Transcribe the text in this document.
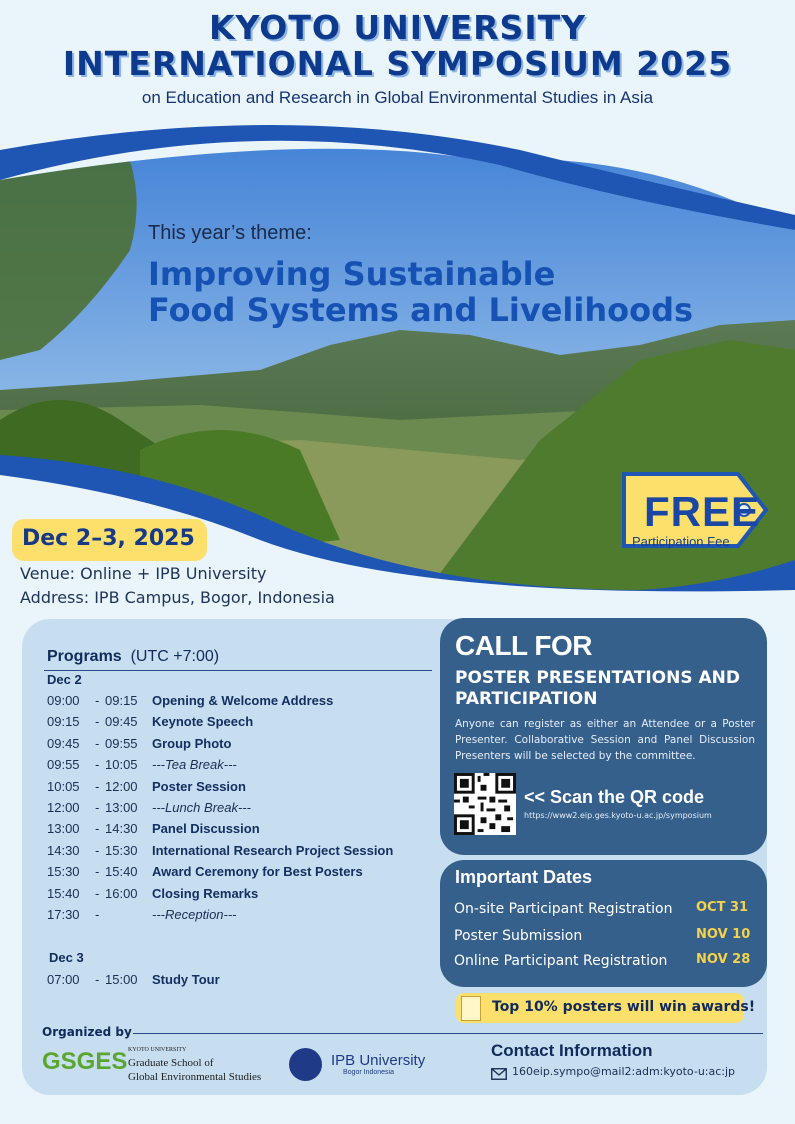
KYOTO UNIVERSITY
INTERNATIONAL SYMPOSIUM 2025
on Education and Research in Global Environmental Studies in Asia
This year’s theme:
Improving Sustainable
Food Systems and Livelihoods
FREE
Participation Fee
Dec 2–3, 2025
Venue: Online + IPB University
Address: IPB Campus, Bogor, Indonesia
Programs (UTC +7:00)
Dec 2
09:00 - 09:15 Opening & Welcome Address
09:15 - 09:45 Keynote Speech
09:45 - 09:55 Group Photo
09:55 - 10:05 ---Tea Break---
10:05 - 12:00 Poster Session
12:00 - 13:00 ---Lunch Break---
13:00 - 14:30 Panel Discussion
14:30 - 15:30 International Research Project Session
15:30 - 15:40 Award Ceremony for Best Posters
15:40 - 16:00 Closing Remarks
17:30 -	---Reception---
Dec 3
07:00 - 15:00 Study Tour
CALL FOR
POSTER PRESENTATIONS AND
PARTICIPATION
Anyone can register as either an Attendee or a Poster Presenter. Collaborative Session and Panel Discussion Presenters will be selected by the committee.
<< Scan the QR code
https://www2.eip.ges.kyoto-u.ac.jp/symposium
Important Dates
On-site Participant Registration OCT 31
Poster Submission	NOV 10
Online Participant Registration NOV 28
Top 10% posters will win awards!
Organized by
GSGES KYOTO UNIVERSITY
Graduate School of
Global Environmental Studies
IPB University
Bogor Indonesia
Contact Information
160eip.sympo@mail2:adm:kyoto-u:ac:jp
